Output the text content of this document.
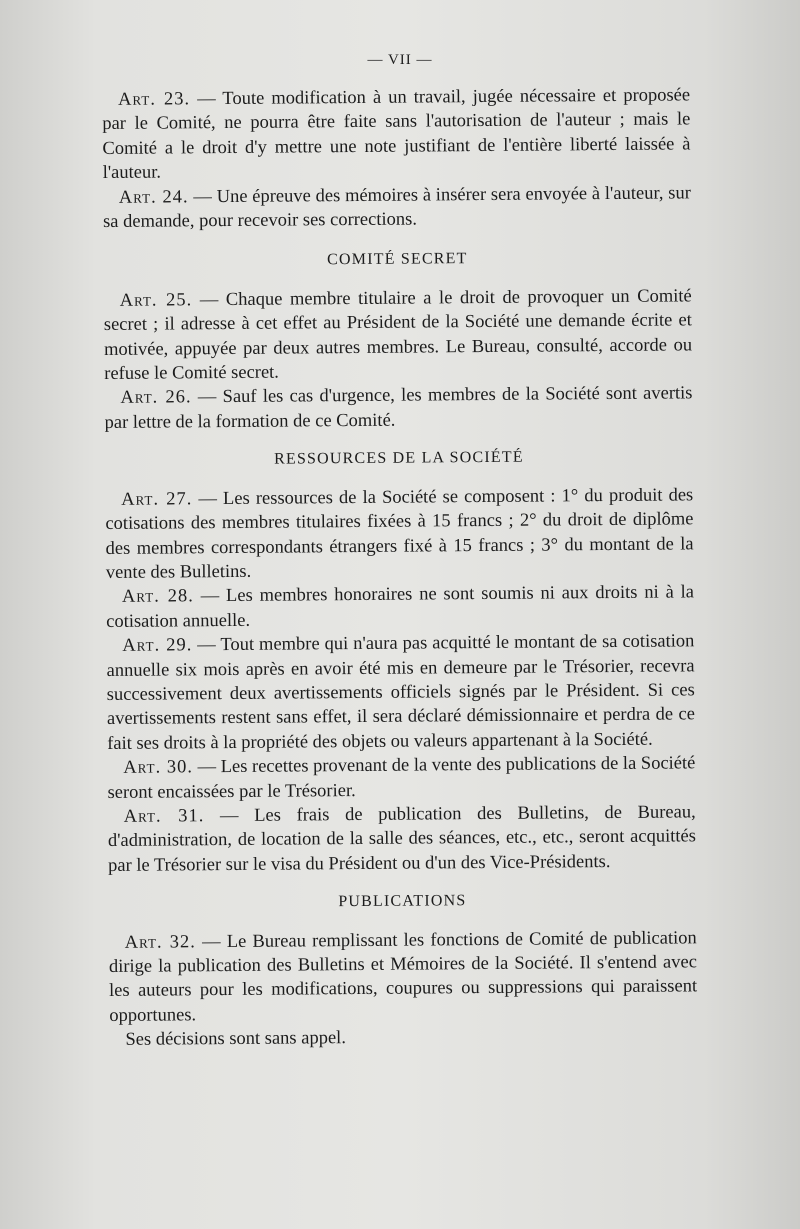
— VII —

Art. 23. — Toute modification à un travail, jugée nécessaire et proposée par le Comité, ne pourra être faite sans l'autorisation de l'auteur ; mais le Comité a le droit d'y mettre une note justifiant de l'entière liberté laissée à l'auteur.

Art. 24. — Une épreuve des mémoires à insérer sera envoyée à l'auteur, sur sa demande, pour recevoir ses corrections.

COMITÉ SECRET

Art. 25. — Chaque membre titulaire a le droit de provoquer un Comité secret ; il adresse à cet effet au Président de la Société une demande écrite et motivée, appuyée par deux autres membres. Le Bureau, consulté, accorde ou refuse le Comité secret.

Art. 26. — Sauf les cas d'urgence, les membres de la Société sont avertis par lettre de la formation de ce Comité.

RESSOURCES DE LA SOCIÉTÉ

Art. 27. — Les ressources de la Société se composent : 1° du produit des cotisations des membres titulaires fixées à 15 francs ; 2° du droit de diplôme des membres correspondants étrangers fixé à 15 francs ; 3° du montant de la vente des Bulletins.

Art. 28. — Les membres honoraires ne sont soumis ni aux droits ni à la cotisation annuelle.

Art. 29. — Tout membre qui n'aura pas acquitté le montant de sa cotisation annuelle six mois après en avoir été mis en demeure par le Trésorier, recevra successivement deux avertissements officiels signés par le Président. Si ces avertissements restent sans effet, il sera déclaré démissionnaire et perdra de ce fait ses droits à la propriété des objets ou valeurs appartenant à la Société.

Art. 30. — Les recettes provenant de la vente des publications de la Société seront encaissées par le Trésorier.

Art. 31. — Les frais de publication des Bulletins, de Bureau, d'administration, de location de la salle des séances, etc., etc., seront acquittés par le Trésorier sur le visa du Président ou d'un des Vice-Présidents.

PUBLICATIONS

Art. 32. — Le Bureau remplissant les fonctions de Comité de publication dirige la publication des Bulletins et Mémoires de la Société. Il s'entend avec les auteurs pour les modifications, coupures ou suppressions qui paraissent opportunes.

Ses décisions sont sans appel.
